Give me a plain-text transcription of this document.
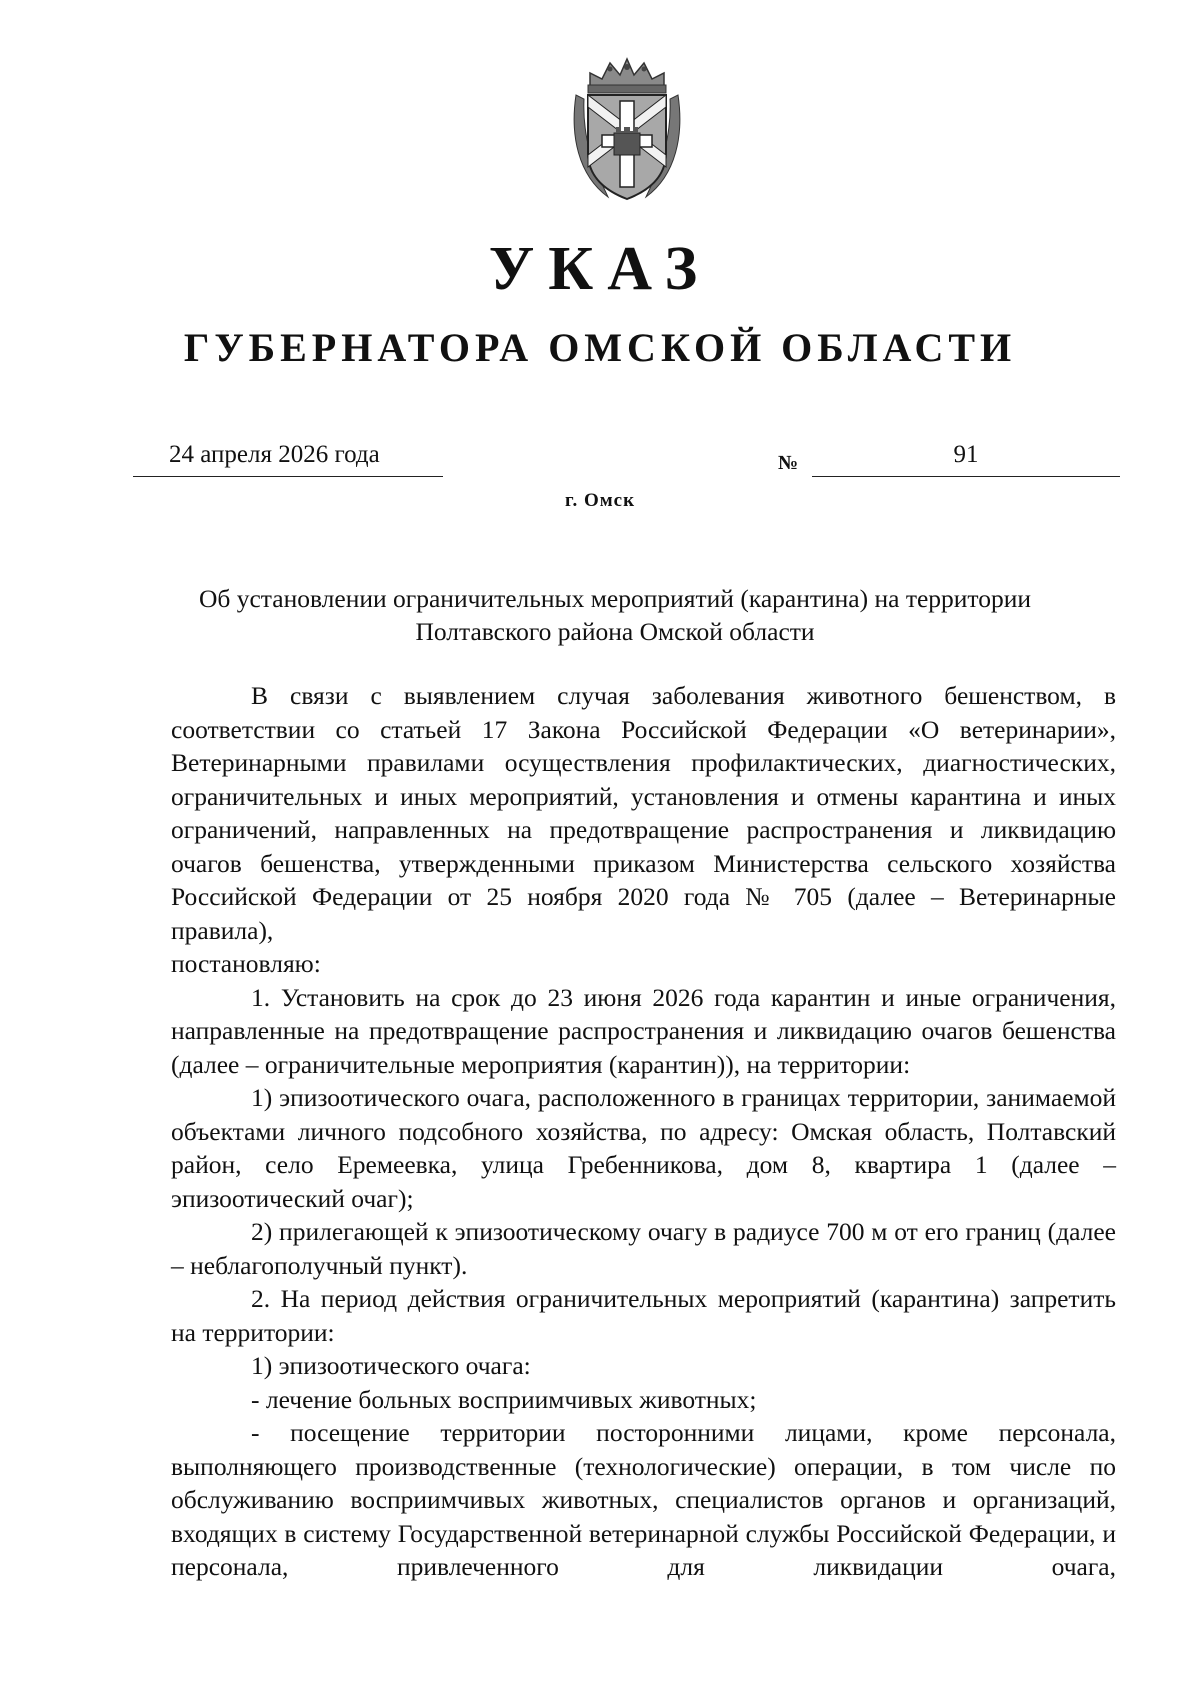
УКАЗ
ГУБЕРНАТОРА ОМСКОЙ ОБЛАСТИ
24 апреля 2026 года	№	91
г. Омск
Об установлении ограничительных мероприятий (карантина) на территории
Полтавского района Омской области

В связи с выявлением случая заболевания животного бешенством, в соответствии со статьей 17 Закона Российской Федерации «О ветеринарии», Ветеринарными правилами осуществления профилактических, диагностических, ограничительных и иных мероприятий, установления и отмены карантина и иных ограничений, направленных на предотвращение распространения и ликвидацию очагов бешенства, утвержденными приказом Министерства сельского хозяйства Российской Федерации от 25 ноября 2020 года № 705 (далее – Ветеринарные правила),

постановляю:

1. Установить на срок до 23 июня 2026 года карантин и иные ограничения, направленные на предотвращение распространения и ликвидацию очагов бешенства (далее – ограничительные мероприятия (карантин)), на территории:

1) эпизоотического очага, расположенного в границах территории, занимаемой объектами личного подсобного хозяйства, по адресу: Омская область, Полтавский район, село Еремеевка, улица Гребенникова, дом 8, квартира 1 (далее – эпизоотический очаг);

2) прилегающей к эпизоотическому очагу в радиусе 700 м от его границ (далее – неблагополучный пункт).

2. На период действия ограничительных мероприятий (карантина) запретить на территории:

1) эпизоотического очага:

- лечение больных восприимчивых животных;

- посещение территории посторонними лицами, кроме персонала, выполняющего производственные (технологические) операции, в том числе по обслуживанию восприимчивых животных, специалистов органов и организаций, входящих в систему Государственной ветеринарной службы Российской Федерации, и персонала, привлеченного для ликвидации очага,
